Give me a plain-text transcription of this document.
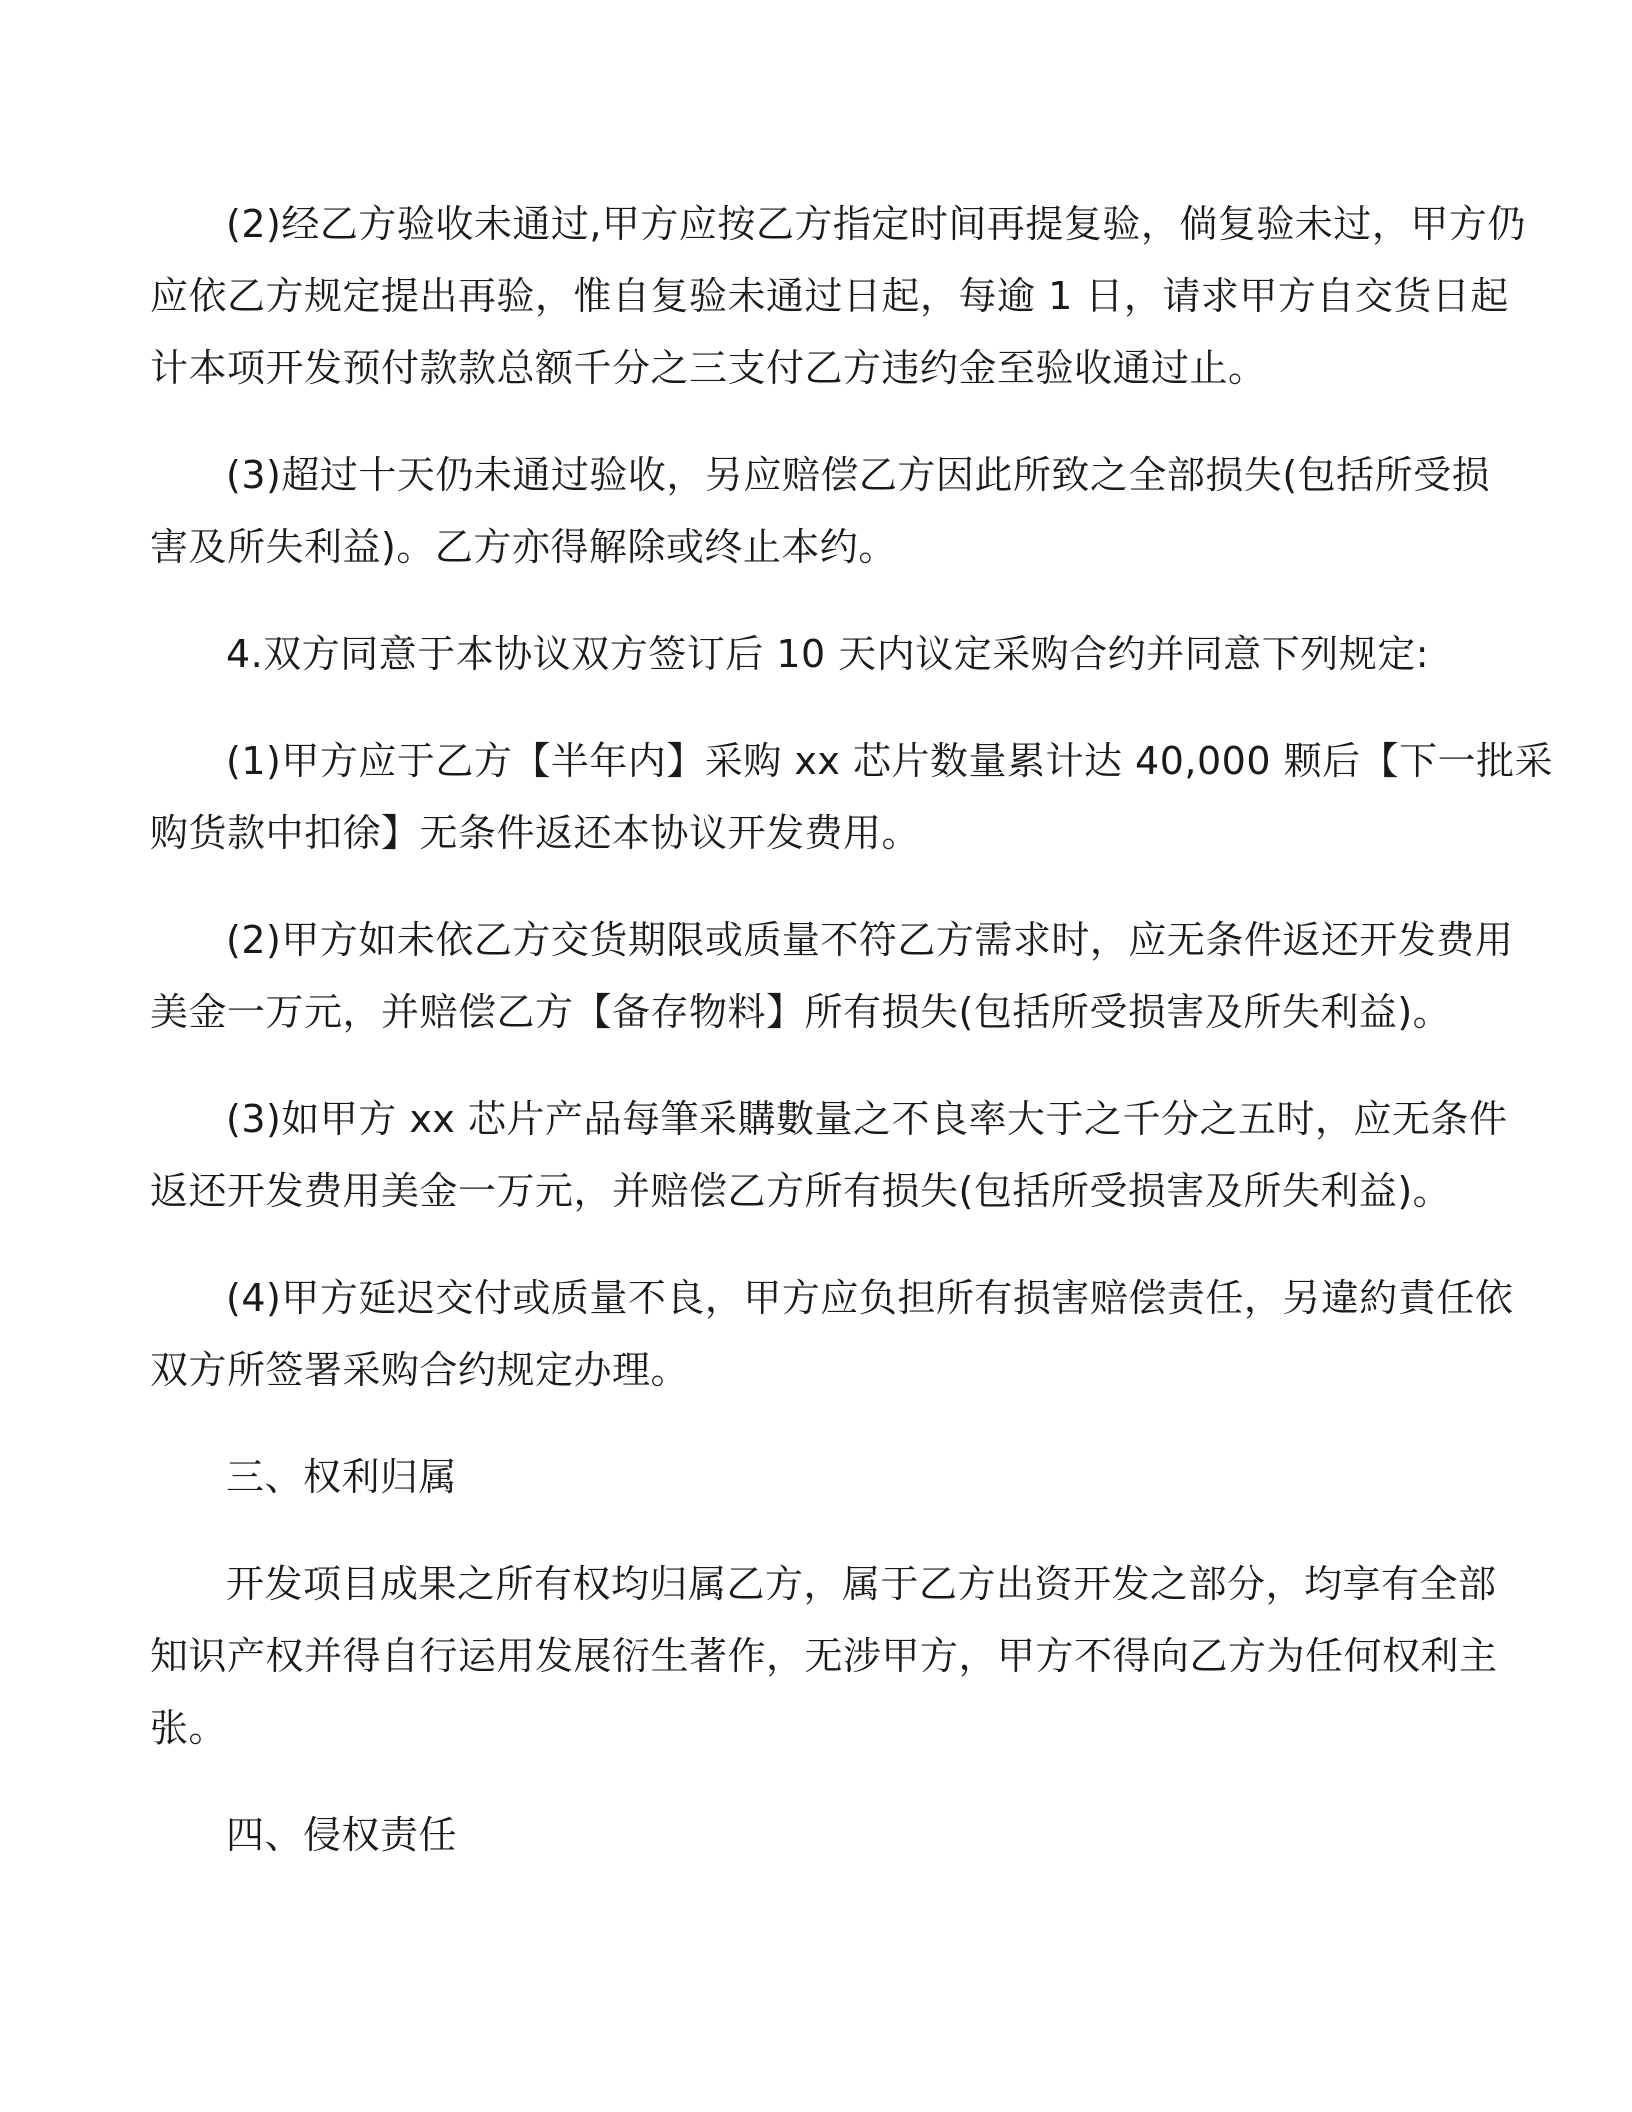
(2)经乙方验收未通过,甲方应按乙方指定时间再提复验，倘复验未过，甲方仍
应依乙方规定提出再验，惟自复验未通过日起，每逾 1 日，请求甲方自交货日起
计本项开发预付款款总额千分之三支付乙方违约金至验收通过止。
(3)超过十天仍未通过验收，另应赔偿乙方因此所致之全部损失(包括所受损
害及所失利益)。乙方亦得解除或终止本约。
4.双方同意于本协议双方签订后 10 天内议定采购合约并同意下列规定:
(1)甲方应于乙方【半年内】采购 xx 芯片数量累计达 40,000 颗后【下一批采
购货款中扣徐】无条件返还本协议开发费用。
(2)甲方如未依乙方交货期限或质量不符乙方需求时，应无条件返还开发费用
美金一万元，并赔偿乙方【备存物料】所有损失(包括所受损害及所失利益)。
(3)如甲方 xx 芯片产品每筆采購數量之不良率大于之千分之五时，应无条件
返还开发费用美金一万元，并赔偿乙方所有损失(包括所受损害及所失利益)。
(4)甲方延迟交付或质量不良，甲方应负担所有损害赔偿责任，另違約責任依
双方所签署采购合约规定办理。
三、权利归属
开发项目成果之所有权均归属乙方，属于乙方出资开发之部分，均享有全部
知识产权并得自行运用发展衍生著作，无涉甲方，甲方不得向乙方为任何权利主
张。
四、侵权责任
